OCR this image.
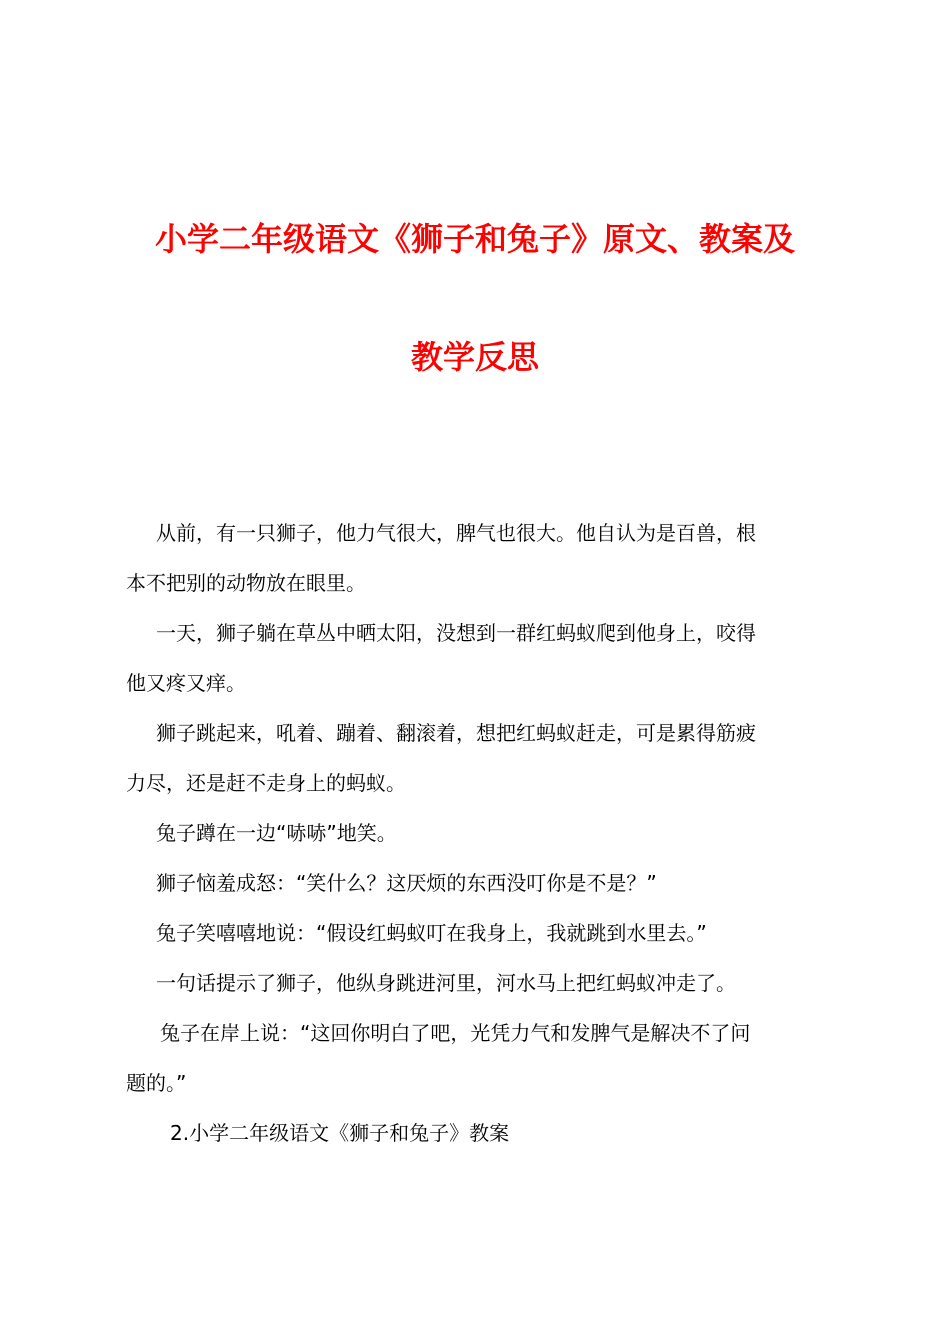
小学二年级语文《狮子和兔子》原文、教案及
教学反思
从前，有一只狮子，他力气很大，脾气也很大。他自认为是百兽，根
本不把别的动物放在眼里。
一天，狮子躺在草丛中晒太阳，没想到一群红蚂蚁爬到他身上，咬得
他又疼又痒。
狮子跳起来，吼着、蹦着、翻滚着，想把红蚂蚁赶走，可是累得筋疲
力尽，还是赶不走身上的蚂蚁。
兔子蹲在一边“哧哧”地笑。
狮子恼羞成怒：“笑什么？这厌烦的东西没叮你是不是？”
兔子笑嘻嘻地说：“假设红蚂蚁叮在我身上，我就跳到水里去。”
一句话提示了狮子，他纵身跳进河里，河水马上把红蚂蚁冲走了。
兔子在岸上说：“这回你明白了吧，光凭力气和发脾气是解决不了问
题的。”
2.小学二年级语文《狮子和兔子》教案
